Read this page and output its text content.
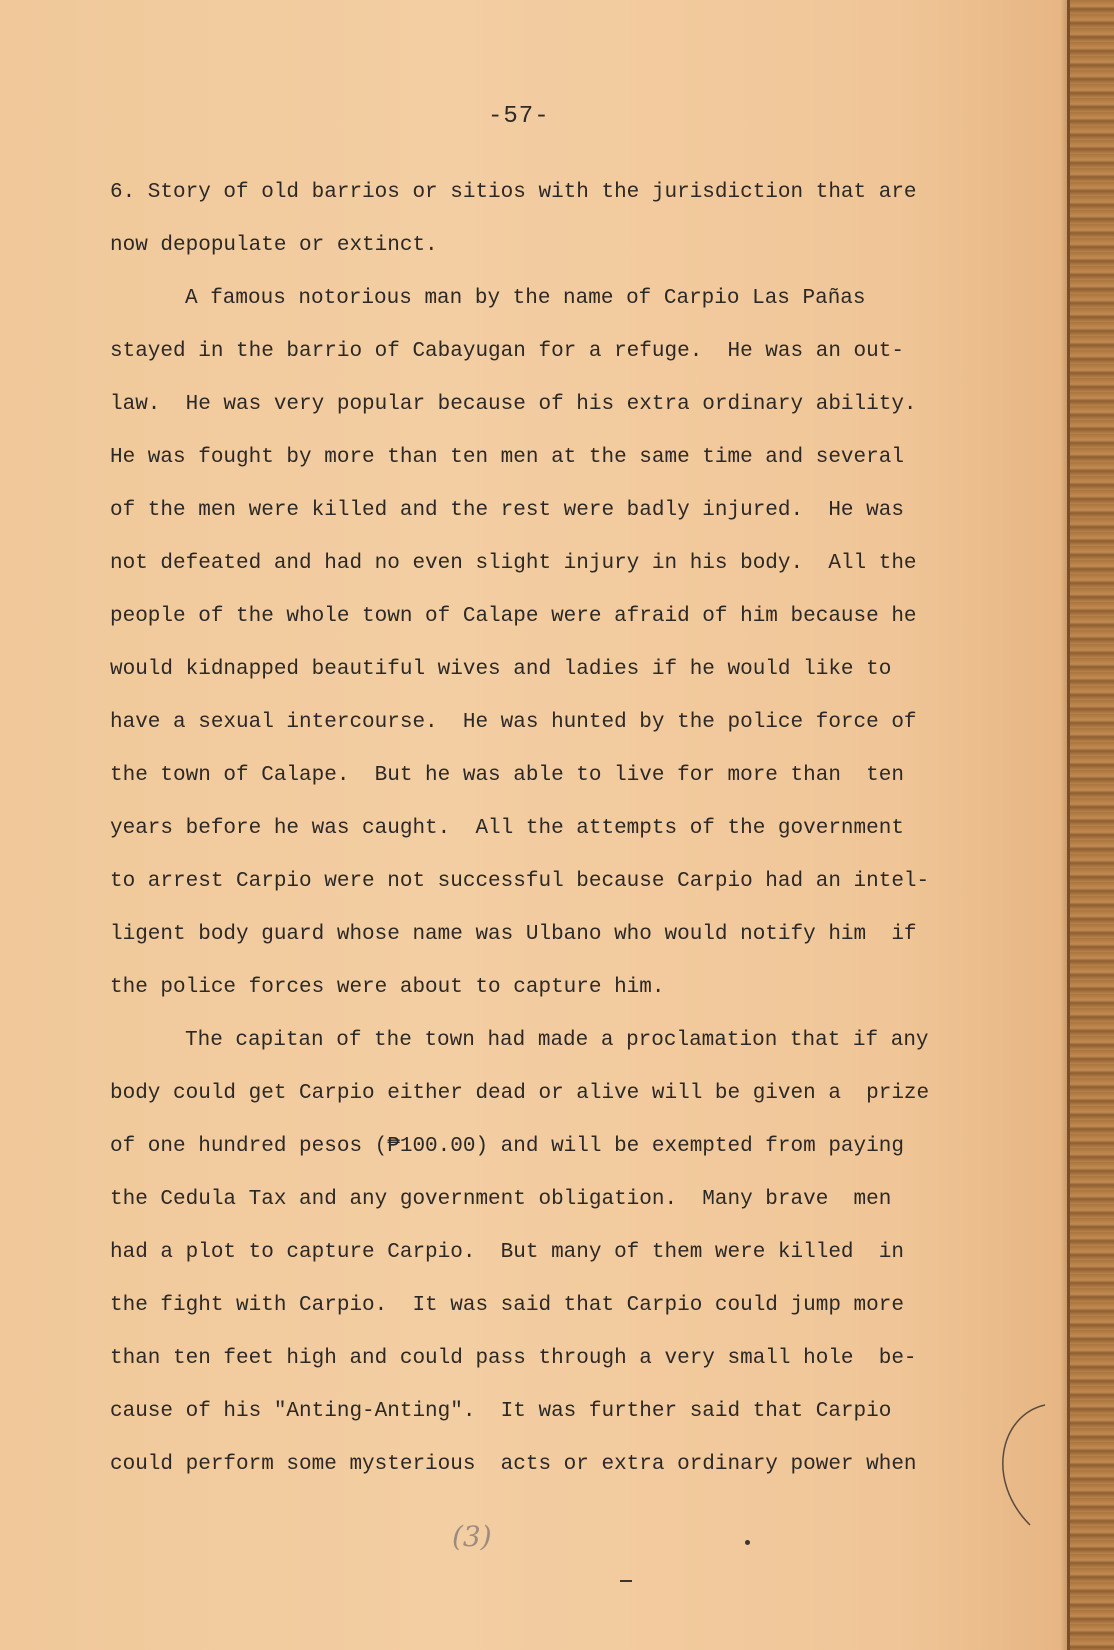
-57-
6. Story of old barrios or sitios with the jurisdiction that are
now depopulate or extinct.
A famous notorious man by the name of Carpio Las Pañas
stayed in the barrio of Cabayugan for a refuge.  He was an out-
law.  He was very popular because of his extra ordinary ability.
He was fought by more than ten men at the same time and several
of the men were killed and the rest were badly injured.  He was
not defeated and had no even slight injury in his body.  All the
people of the whole town of Calape were afraid of him because he
would kidnapped beautiful wives and ladies if he would like to
have a sexual intercourse.  He was hunted by the police force of
the town of Calape.  But he was able to live for more than  ten
years before he was caught.  All the attempts of the government
to arrest Carpio were not successful because Carpio had an intel-
ligent body guard whose name was Ulbano who would notify him  if
the police forces were about to capture him.
The capitan of the town had made a proclamation that if any
body could get Carpio either dead or alive will be given a  prize
of one hundred pesos (₱100.00) and will be exempted from paying
the Cedula Tax and any government obligation.  Many brave  men
had a plot to capture Carpio.  But many of them were killed  in
the fight with Carpio.  It was said that Carpio could jump more
than ten feet high and could pass through a very small hole  be-
cause of his "Anting-Anting".  It was further said that Carpio
could perform some mysterious  acts or extra ordinary power when
(3)
